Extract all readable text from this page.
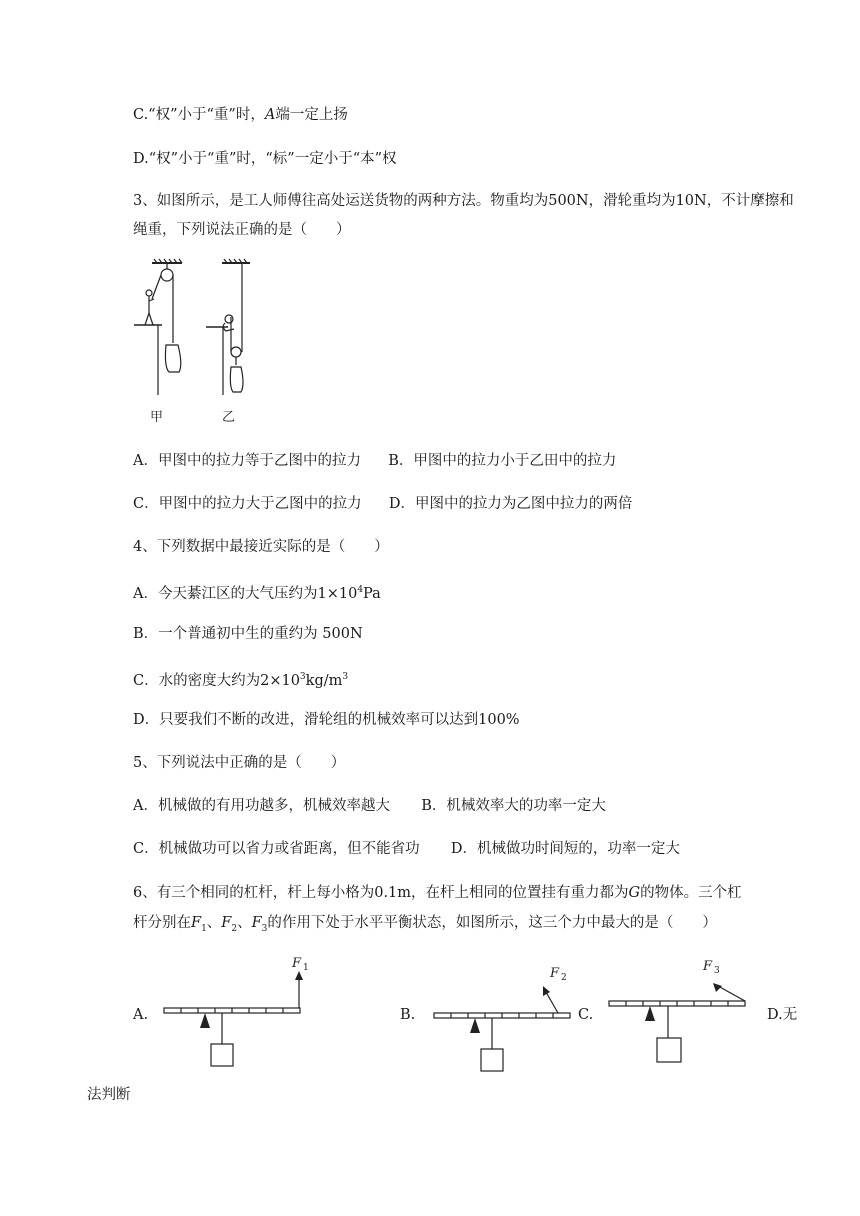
C.“权”小于“重”时，A端一定上扬
D.“权”小于“重”时，“标”一定小于“本”权
3、如图所示，是工人师傅往高处运送货物的两种方法。物重均为500N，滑轮重均为10N，不计摩擦和绳重，下列说法正确的是（　　）
甲	乙
A．甲图中的拉力等于乙图中的拉力 B．甲图中的拉力小于乙田中的拉力
C．甲图中的拉力大于乙图中的拉力 D．甲图中的拉力为乙图中拉力的两倍
4、下列数据中最接近实际的是（　　）
A．今天綦江区的大气压约为$1\times 10^4Pa$
B．一个普通初中生的重约为 500N
C．水的密度大约为$2\times 10^3kg/m^3$
D．只要我们不断的改进，滑轮组的机械效率可以达到100%
5、下列说法中正确的是（　　）
A．机械做的有用功越多，机械效率越大 B．机械效率大的功率一定大
C．机械做功可以省力或省距离，但不能省功 D．机械做功时间短的，功率一定大
6、有三个相同的杠杆，杆上每小格为0.1m，在杆上相同的位置挂有重力都为G的物体。三个杠
杆分别在$F_1$、$F_2$、$F_3$的作用下处于水平平衡状态，如图所示，这三个力中最大的是（　　）
A.	B.	C.	D.无
法判断
F 1	F 2
F 3
